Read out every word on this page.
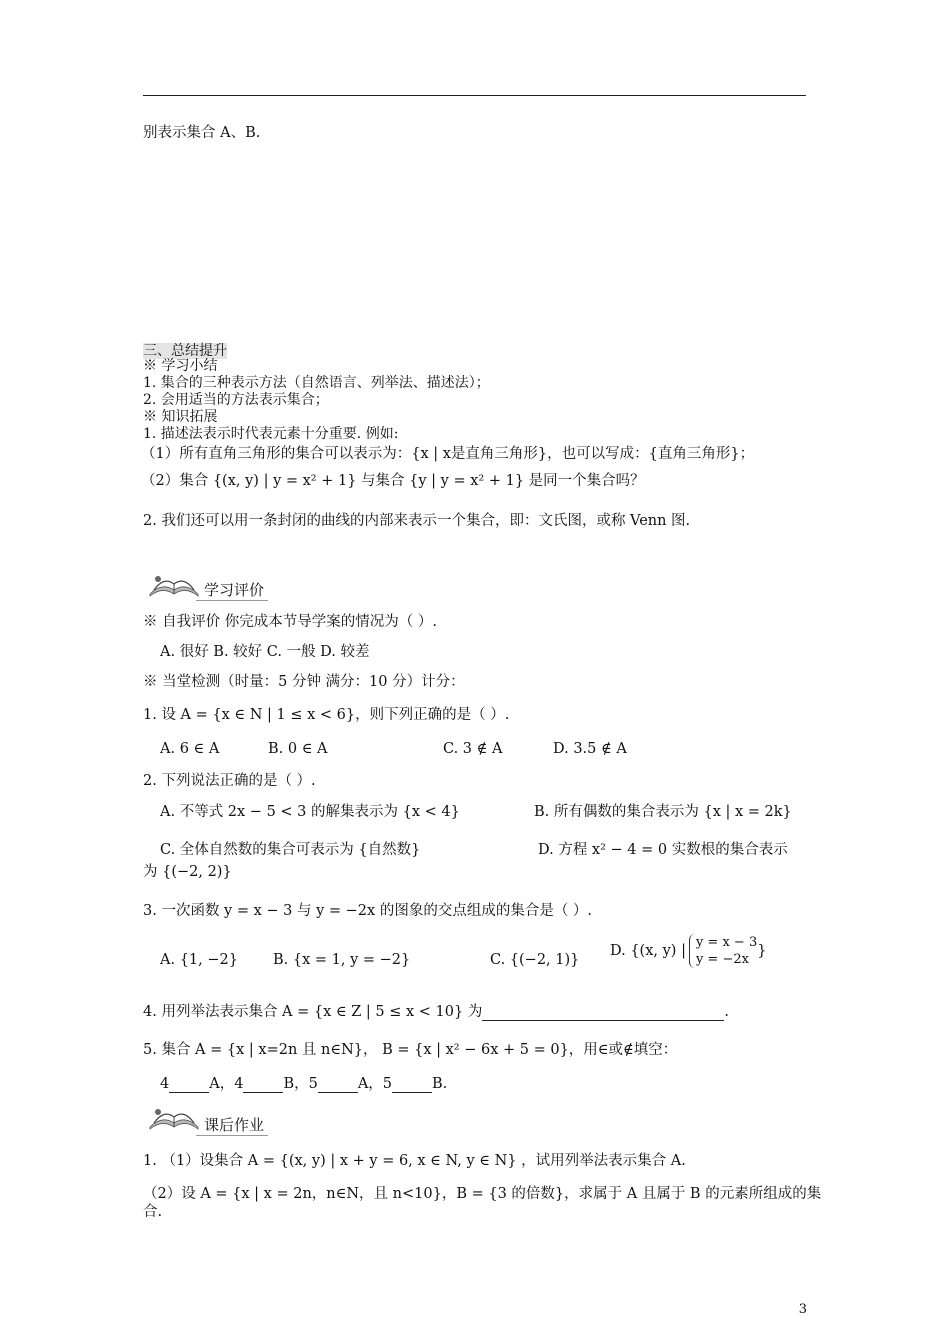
别表示集合 A、B.
三、总结提升
※ 学习小结
1. 集合的三种表示方法（自然语言、列举法、描述法）；
2. 会用适当的方法表示集合；
※ 知识拓展
1. 描述法表示时代表元素十分重要. 例如:
（1）所有直角三角形的集合可以表示为：{x | x是直角三角形}，也可以写成：{直角三角形}；
（2）集合 {(x, y) | y = x² + 1} 与集合 {y | y = x² + 1} 是同一个集合吗？
2. 我们还可以用一条封闭的曲线的内部来表示一个集合，即：文氏图，或称 Venn 图.
学习评价
※ 自我评价 你完成本节导学案的情况为（ ）.
A. 很好 B. 较好 C. 一般 D. 较差
※ 当堂检测（时量：5 分钟 满分：10 分）计分：
1. 设 A = {x ∈ N | 1 ≤ x < 6}，则下列正确的是（ ）.
A. 6 ∈ A	B. 0 ∈ A	C. 3 ∉ A	D. 3.5 ∉ A
2. 下列说法正确的是（ ）.
A. 不等式 2x − 5 < 3 的解集表示为 {x < 4}	B. 所有偶数的集合表示为 {x | x = 2k}
C. 全体自然数的集合可表示为 {自然数}	D. 方程 x² − 4 = 0 实数根的集合表示
为 {(−2, 2)}
3. 一次函数 y = x − 3 与 y = −2x 的图象的交点组成的集合是（ ）.
A. {1, −2} B. {x = 1, y = −2}	C. {(−2, 1)}
D. {(x, y) |
y = x − 3
y = −2x
}
4. 用列举法表示集合 A = {x ∈ Z | 5 ≤ x < 10} 为	.
5. 集合 A = {x | x=2n 且 n∈N}， B = {x | x² − 6x + 5 = 0}，用∈或∉填空：
4	A，4	B，5	A，5	B.
课后作业
1. （1）设集合 A = {(x, y) | x + y = 6, x ∈ N, y ∈ N} ，试用列举法表示集合 A.
（2）设 A = {x | x = 2n，n∈N，且 n<10}，B = {3 的倍数}，求属于 A 且属于 B 的元素所组成的集
合.
3
